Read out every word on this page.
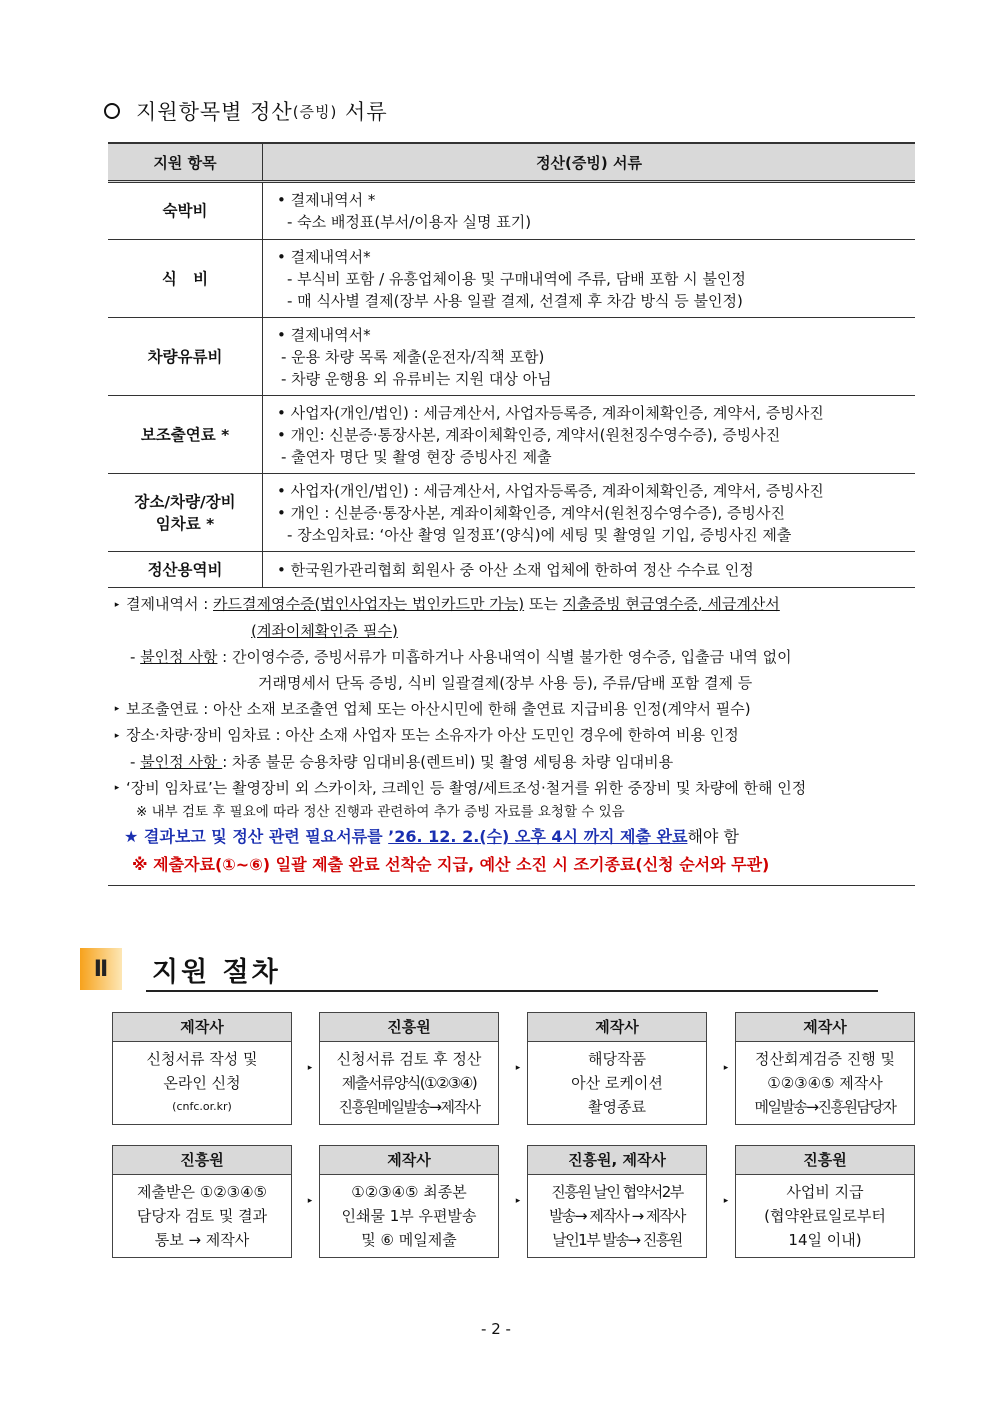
지원항목별 정산 (증빙) 서류
지원 항목	정산(증빙) 서류
숙박비	• 결제내역서 *
- 숙소 배정표(부서/이용자 실명 표기)

식   비	• 결제내역서*
- 부식비 포함 / 유흥업체이용 및 구매내역에 주류, 담배 포함 시 불인정
- 매 식사별 결제(장부 사용 일괄 결제, 선결제 후 차감 방식 등 불인정)

차량유류비	• 결제내역서*
- 운용 차량 목록 제출(운전자/직책 포함)
- 차량 운행용 외 유류비는 지원 대상 아님

보조출연료 *	• 사업자(개인/법인) : 세금계산서, 사업자등록증, 계좌이체확인증, 계약서, 증빙사진
• 개인: 신분증·통장사본, 계좌이체확인증, 계약서(원천징수영수증), 증빙사진
- 출연자 명단 및 촬영 현장 증빙사진 제출

장소/차량/장비
임차료 *	• 사업자(개인/법인) : 세금계산서, 사업자등록증, 계좌이체확인증, 계약서, 증빙사진
• 개인 : 신분증·통장사본, 계좌이체확인증, 계약서(원천징수영수증), 증빙사진
- 장소임차료: ‘아산 촬영 일정표’(양식)에 세팅 및 촬영일 기입, 증빙사진 제출

정산용역비	• 한국원가관리협회 회원사 중 아산 소재 업체에 한하여 정산 수수료 인정
▸ 결제내역서 : 카드결제영수증(법인사업자는 법인카드만 가능) 또는 지출증빙 현금영수증, 세금계산서
(계좌이체확인증 필수)
- 불인정 사항 : 간이영수증, 증빙서류가 미흡하거나 사용내역이 식별 불가한 영수증, 입출금 내역 없이
거래명세서 단독 증빙, 식비 일괄결제(장부 사용 등), 주류/담배 포함 결제 등
▸ 보조출연료 : 아산 소재 보조출연 업체 또는 아산시민에 한해 출연료 지급비용 인정(계약서 필수)
▸ 장소·차량·장비 임차료 : 아산 소재 사업자 또는 소유자가 아산 도민인 경우에 한하여 비용 인정
- 불인정 사항 : 차종 불문 승용차량 임대비용(렌트비) 및 촬영 세팅용 차량 임대비용
▸ ‘장비 임차료’는 촬영장비 외 스카이차, 크레인 등 촬영/세트조성·철거를 위한 중장비 및 차량에 한해 인정
※ 내부 검토 후 필요에 따라 정산 진행과 관련하여 추가 증빙 자료를 요청할 수 있음
★ 결과보고 및 정산 관련 필요서류를 ’26. 12. 2.(수) 오후 4시 까지 제출 완료해야 함
※ 제출자료(①~⑥) 일괄 제출 완료 선착순 지급, 예산 소진 시 조기종료(신청 순서와 무관)
Ⅱ	지원 절차
제작사
신청서류 작성 및
온라인 신청
(cnfc.or.kr)
▸
진흥원
신청서류 검토 후 정산
제출서류양식(①②③④)
진흥원메일발송→제작사
▸
제작사
해당작품
아산 로케이션
촬영종료
▸
제작사
정산회계검증 진행 및
①②③④⑤ 제작사
메일발송→진흥원담당자
진흥원
제출받은 ①②③④⑤
담당자 검토 및 결과
통보 → 제작사
▸
제작사
①②③④⑤ 최종본
인쇄물 1부 우편발송
및 ⑥ 메일제출
▸
진흥원, 제작사
진흥원 날인 협약서2부
발송→ 제작사 → 제작사
날인1부 발송→ 진흥원
▸
진흥원
사업비 지급
(협약완료일로부터
14일 이내)
- 2 -
